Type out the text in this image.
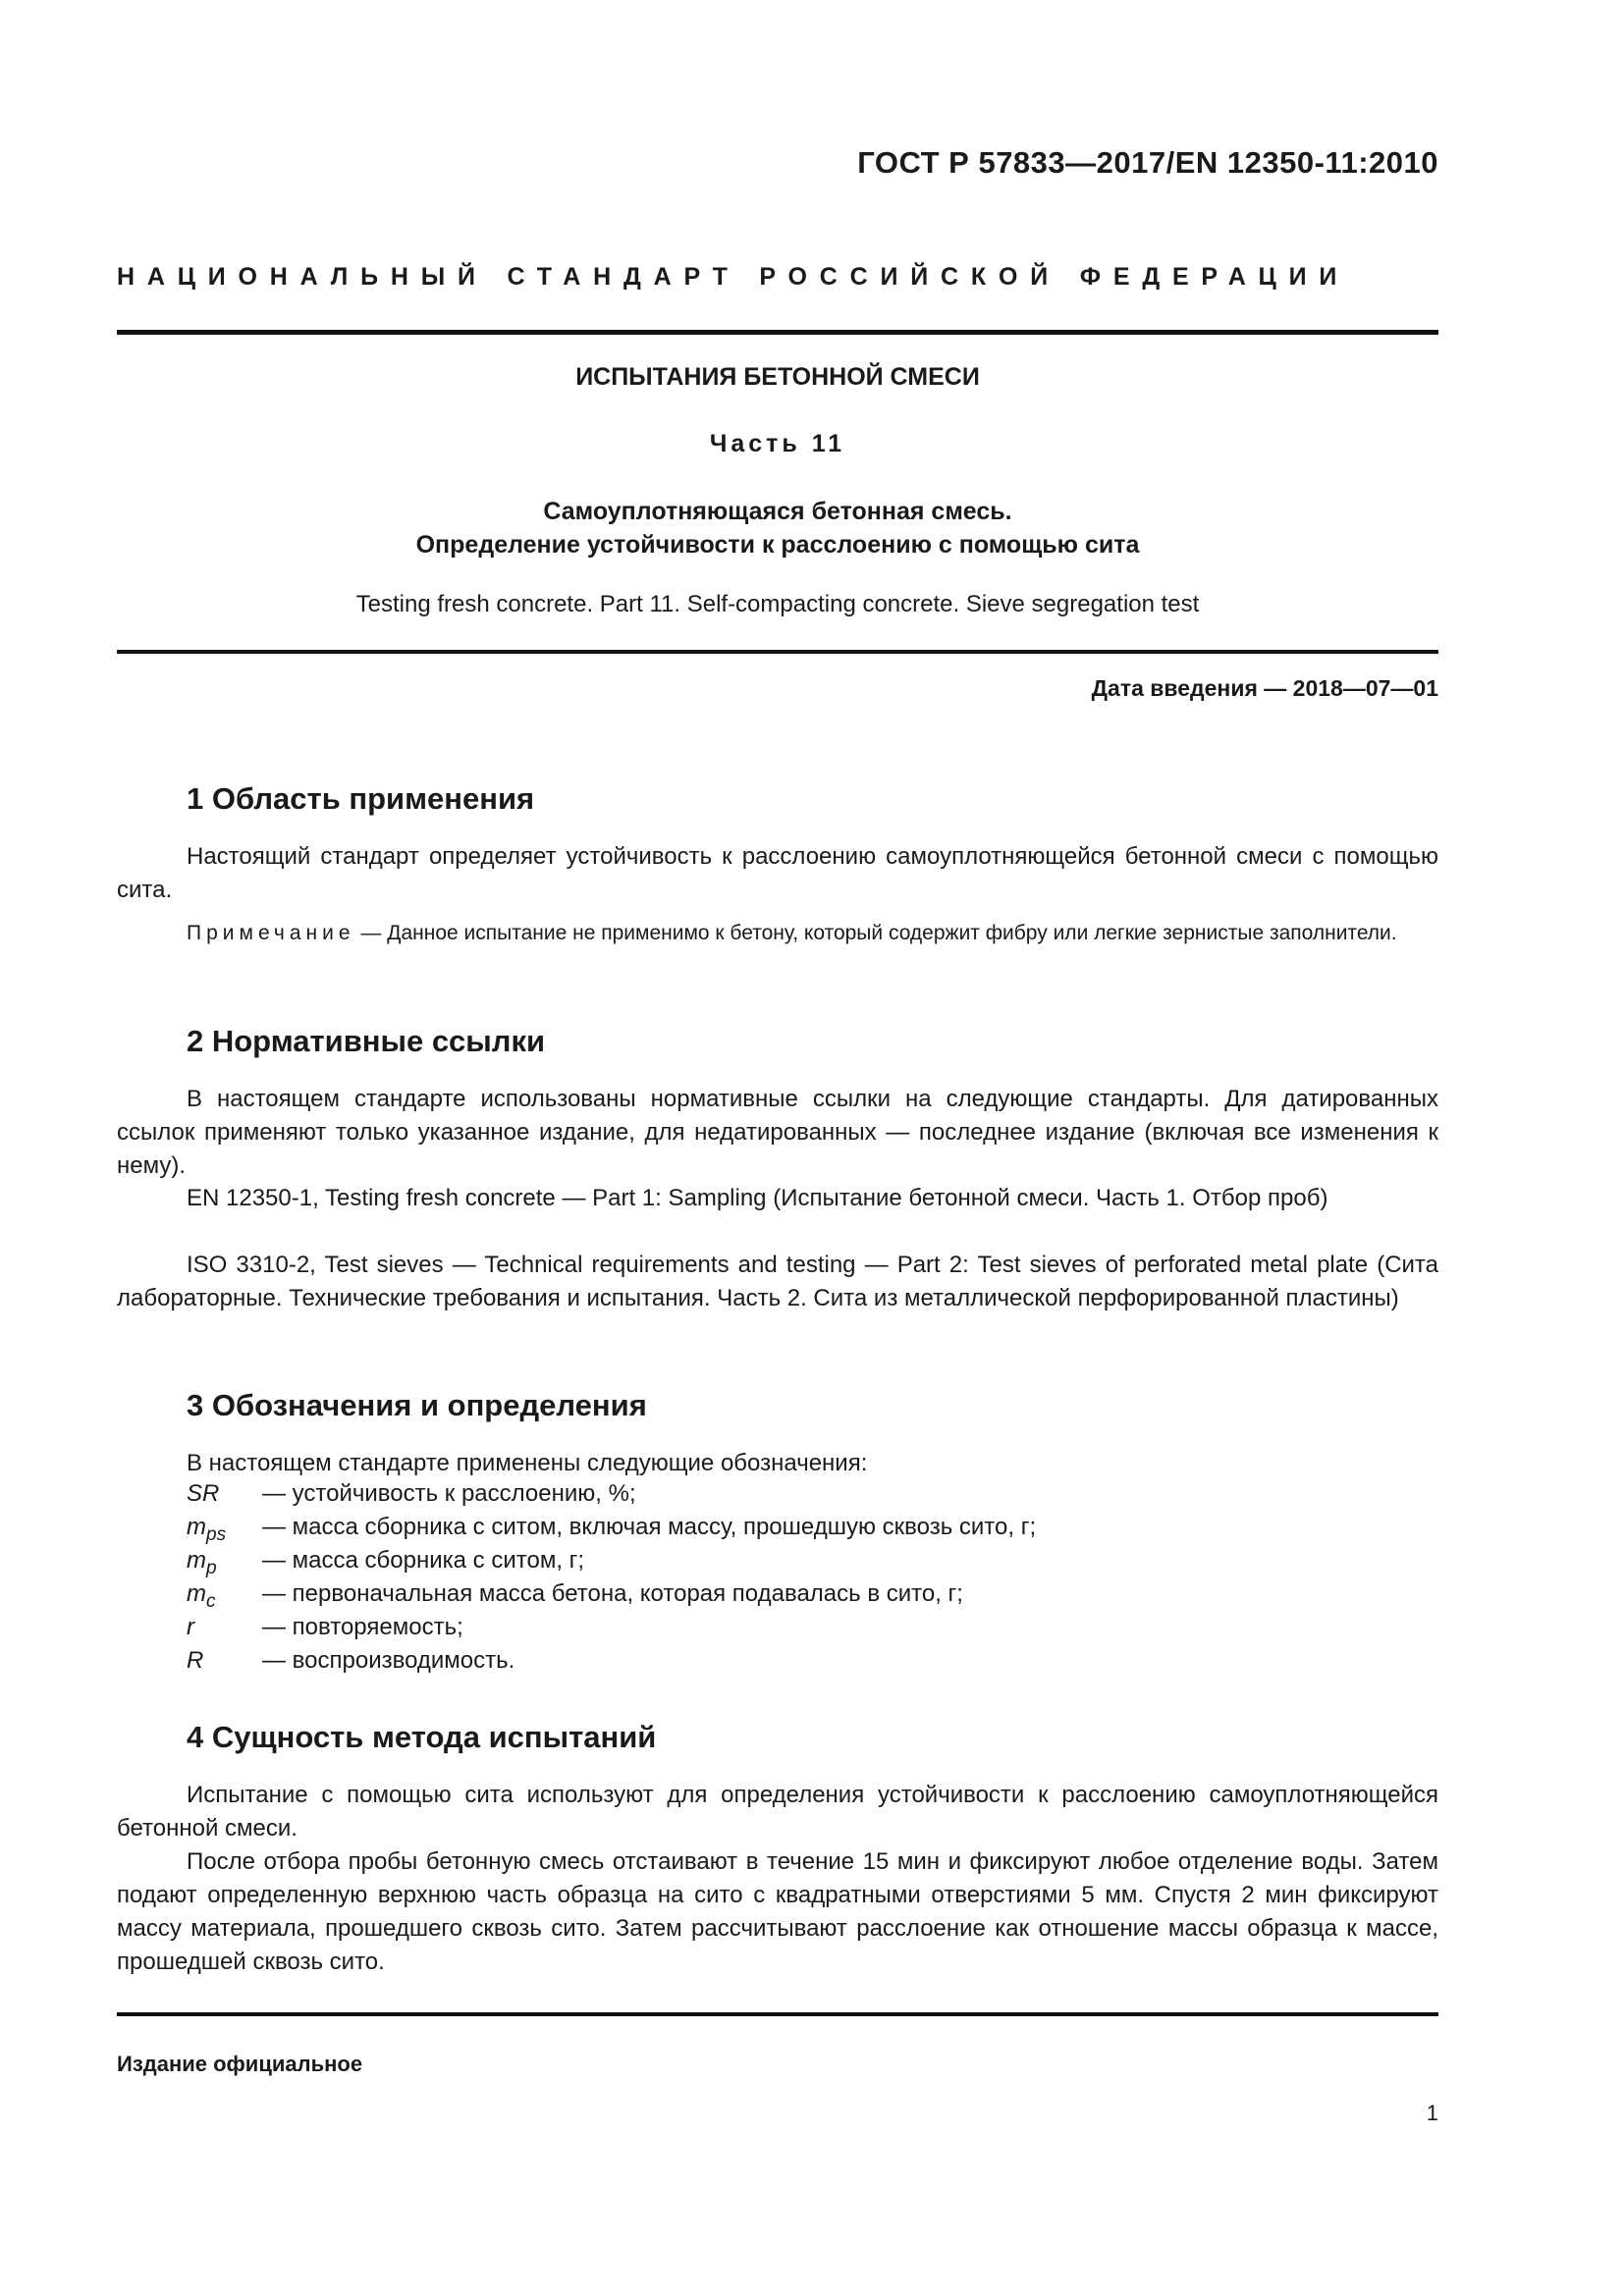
ГОСТ Р 57833—2017/EN 12350-11:2010
НАЦИОНАЛЬНЫЙ СТАНДАРТ РОССИЙСКОЙ ФЕДЕРАЦИИ
ИСПЫТАНИЯ БЕТОННОЙ СМЕСИ
Часть 11
Самоуплотняющаяся бетонная смесь.
Определение устойчивости к расслоению с помощью сита
Testing fresh concrete. Part 11. Self-compacting concrete. Sieve segregation test
Дата введения — 2018—07—01
1 Область применения
Настоящий стандарт определяет устойчивость к расслоению самоуплотняющейся бетонной смеси с помощью сита.
Примечание — Данное испытание не применимо к бетону, который содержит фибру или легкие зернистые заполнители.
2 Нормативные ссылки
В настоящем стандарте использованы нормативные ссылки на следующие стандарты. Для датированных ссылок применяют только указанное издание, для недатированных — последнее издание (включая все изменения к нему).
EN 12350-1, Testing fresh concrete — Part 1: Sampling (Испытание бетонной смеси. Часть 1. Отбор проб)
ISO 3310-2, Test sieves — Technical requirements and testing — Part 2: Test sieves of perforated metal plate (Сита лабораторные. Технические требования и испытания. Часть 2. Сита из металлической перфорированной пластины)
3 Обозначения и определения
В настоящем стандарте применены следующие обозначения:
SR — устойчивость к расслоению, %;
$m_{ps}$ — масса сборника с ситом, включая массу, прошедшую сквозь сито, г;
$m_p$ — масса сборника с ситом, г;
$m_c$ — первоначальная масса бетона, которая подавалась в сито, г;
r	— повторяемость;
R — воспроизводимость.
4 Сущность метода испытаний
Испытание с помощью сита используют для определения устойчивости к расслоению самоуплотняющейся бетонной смеси.
После отбора пробы бетонную смесь отстаивают в течение 15 мин и фиксируют любое отделение воды. Затем подают определенную верхнюю часть образца на сито с квадратными отверстиями 5 мм. Спустя 2 мин фиксируют массу материала, прошедшего сквозь сито. Затем рассчитывают расслоение как отношение массы образца к массе, прошедшей сквозь сито.
Издание официальное
1
